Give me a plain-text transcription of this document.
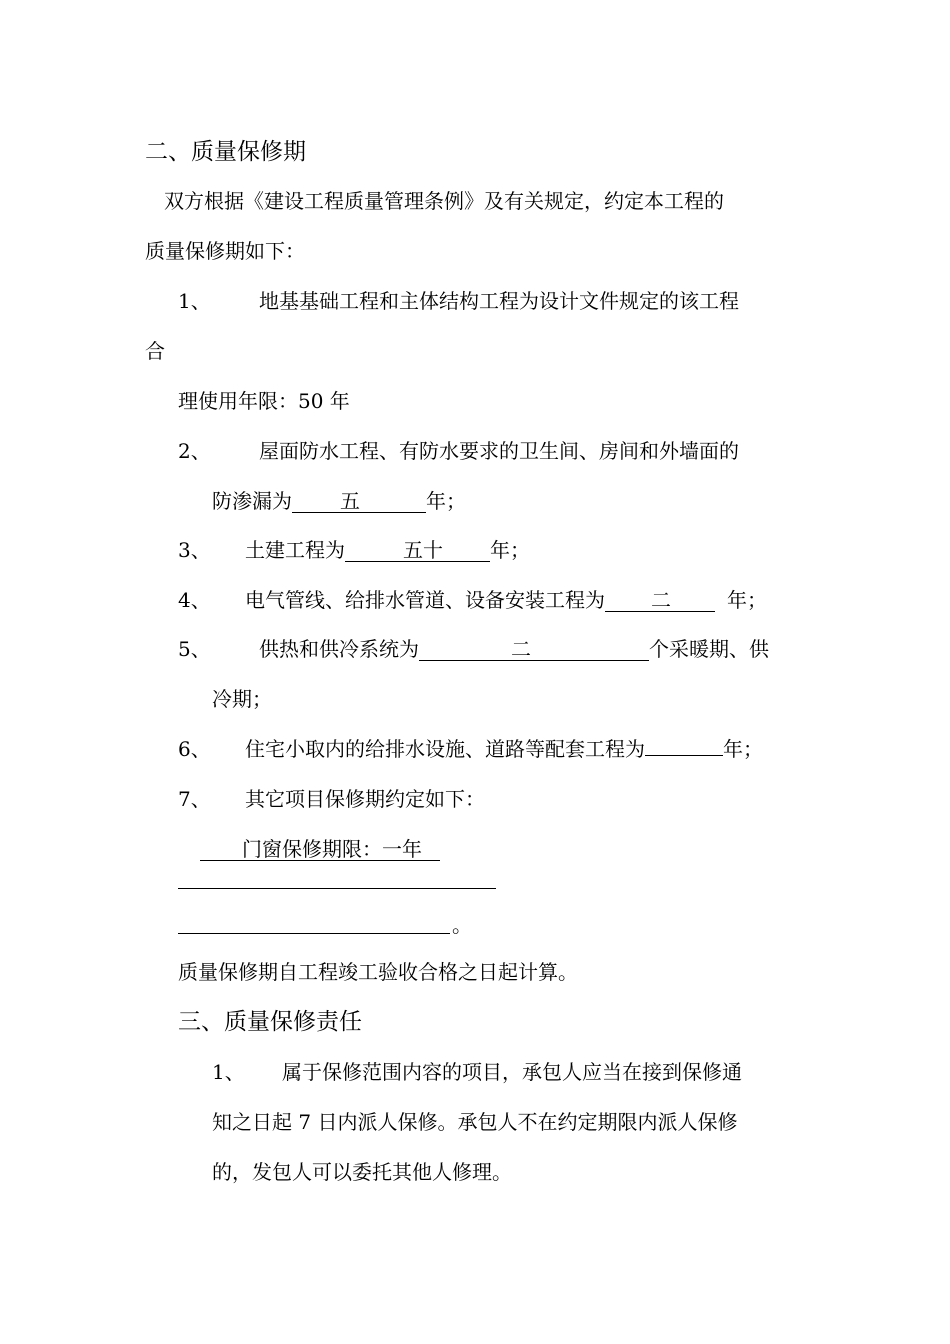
二、质量保修期
双方根据《建设工程质量管理条例》及有关规定，约定本工程的
质量保修期如下：
1、 地基基础工程和主体结构工程为设计文件规定的该工程
合
理使用年限：50 年
2、 屋面防水工程、有防水要求的卫生间、房间和外墙面的
防渗漏为 五	年；
3、 土建工程为	五十 年；
4、 电气管线、给排水管道、设备安装工程为 二	年；
5、 供热和供冷系统为	二	个采暖期、供
冷期；
6、 住宅小取内的给排水设施、道路等配套工程为	年；
7、 其它项目保修期约定如下：
门窗保修期限：一年
。
质量保修期自工程竣工验收合格之日起计算。
三、质量保修责任
1、 属于保修范围内容的项目，承包人应当在接到保修通
知之日起 7 日内派人保修。承包人不在约定期限内派人保修
的，发包人可以委托其他人修理。
